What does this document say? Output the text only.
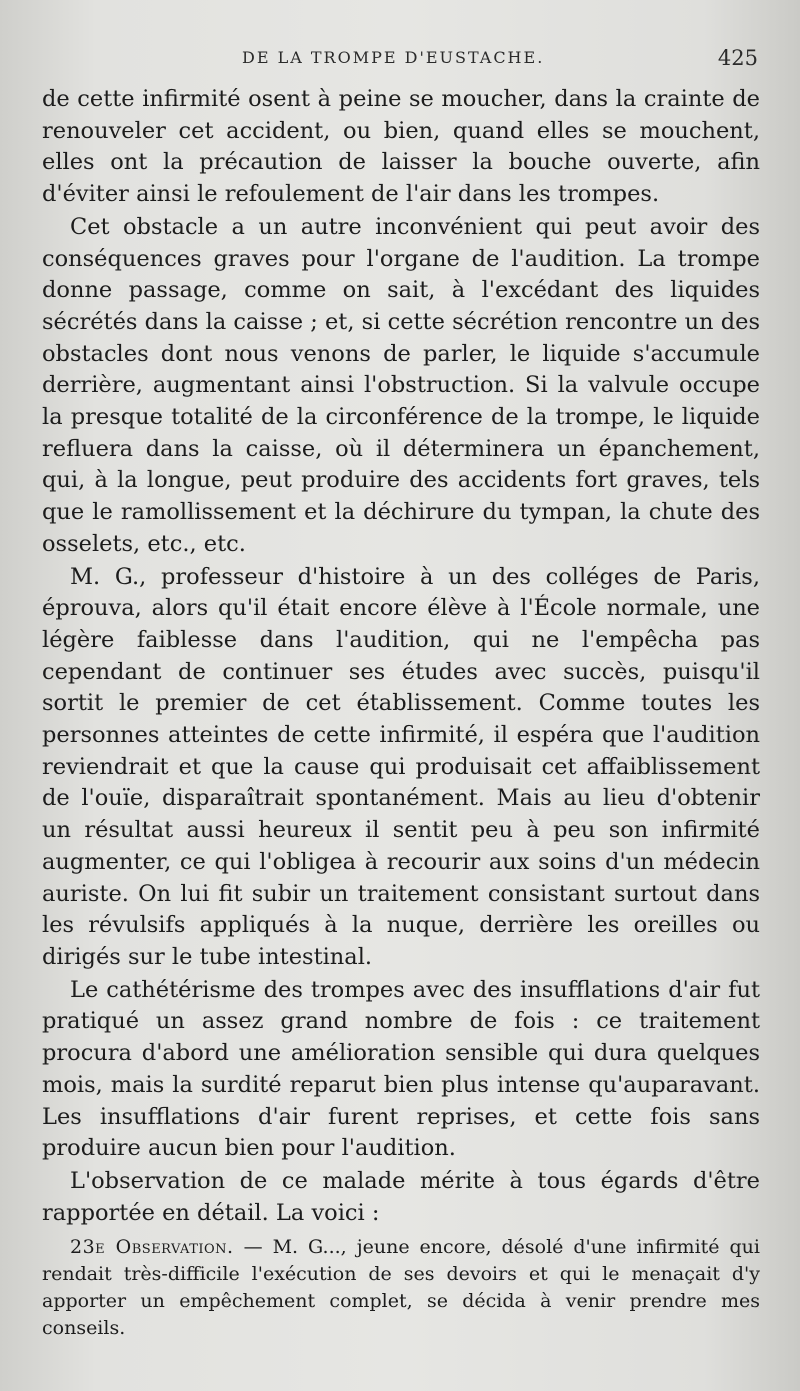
DE LA TROMPE D'EUSTACHE.	425

de cette infirmité osent à peine se moucher, dans la crainte de renouveler cet accident, ou bien, quand elles se mouchent, elles ont la précaution de laisser la bouche ouverte, afin d'éviter ainsi le refoulement de l'air dans les trompes.

Cet obstacle a un autre inconvénient qui peut avoir des conséquences graves pour l'organe de l'audition. La trompe donne passage, comme on sait, à l'excédant des liquides sécrétés dans la caisse ; et, si cette sécrétion rencontre un des obstacles dont nous venons de parler, le liquide s'accumule derrière, augmentant ainsi l'obstruction. Si la valvule occupe la presque totalité de la circonférence de la trompe, le liquide refluera dans la caisse, où il déterminera un épanchement, qui, à la longue, peut produire des accidents fort graves, tels que le ramollissement et la déchirure du tympan, la chute des osselets, etc., etc.

M. G., professeur d'histoire à un des colléges de Paris, éprouva, alors qu'il était encore élève à l'École normale, une légère faiblesse dans l'audition, qui ne l'empêcha pas cependant de continuer ses études avec succès, puisqu'il sortit le premier de cet établissement. Comme toutes les personnes atteintes de cette infirmité, il espéra que l'audition reviendrait et que la cause qui produisait cet affaiblissement de l'ouïe, disparaîtrait spontanément. Mais au lieu d'obtenir un résultat aussi heureux il sentit peu à peu son infirmité augmenter, ce qui l'obligea à recourir aux soins d'un médecin auriste. On lui fit subir un traitement consistant surtout dans les révulsifs appliqués à la nuque, derrière les oreilles ou dirigés sur le tube intestinal.

Le cathétérisme des trompes avec des insufflations d'air fut pratiqué un assez grand nombre de fois : ce traitement procura d'abord une amélioration sensible qui dura quelques mois, mais la surdité reparut bien plus intense qu'auparavant. Les insufflations d'air furent reprises, et cette fois sans produire aucun bien pour l'audition.

L'observation de ce malade mérite à tous égards d'être rapportée en détail. La voici :

23e Observation. — M. G..., jeune encore, désolé d'une infirmité qui rendait très-difficile l'exécution de ses devoirs et qui le menaçait d'y apporter un empêchement complet, se décida à venir prendre mes conseils.
